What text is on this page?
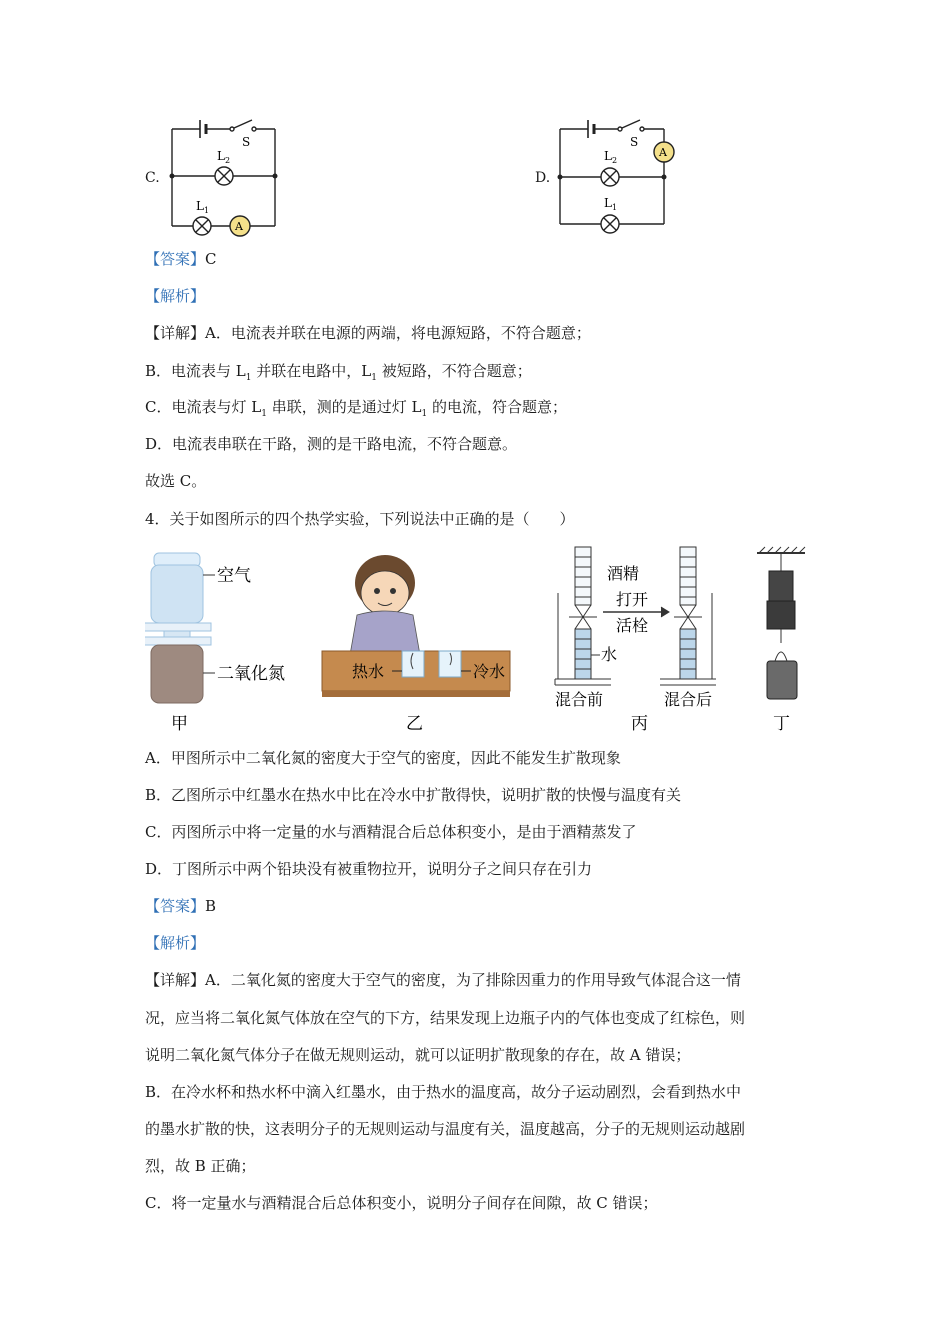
C.
S
L 2
L 1
A
D.
S
L 2
L 1
A
【答案】C
【解析】
【详解】A．电流表并联在电源的两端，将电源短路，不符合题意；
B．电流表与 $L_1$ 并联在电路中，$L_1$ 被短路，不符合题意；
C．电流表与灯 $L_1$ 串联，测的是通过灯 $L_1$ 的电流，符合题意；
D．电流表串联在干路，测的是干路电流，不符合题意。
故选 C。
4．关于如图所示的四个热学实验，下列说法中正确的是（　　）
空气
二氧化氮
甲
热水	冷水
乙
酒精
打开
活栓
水
混合前	混合后
丙	丁
A．甲图所示中二氧化氮的密度大于空气的密度，因此不能发生扩散现象
B．乙图所示中红墨水在热水中比在冷水中扩散得快，说明扩散的快慢与温度有关
C．丙图所示中将一定量的水与酒精混合后总体积变小，是由于酒精蒸发了
D．丁图所示中两个铅块没有被重物拉开，说明分子之间只存在引力
【答案】B
【解析】
【详解】A．二氧化氮的密度大于空气的密度，为了排除因重力的作用导致气体混合这一情
况，应当将二氧化氮气体放在空气的下方，结果发现上边瓶子内的气体也变成了红棕色，则
说明二氧化氮气体分子在做无规则运动，就可以证明扩散现象的存在，故 A 错误；
B．在冷水杯和热水杯中滴入红墨水，由于热水的温度高，故分子运动剧烈，会看到热水中
的墨水扩散的快，这表明分子的无规则运动与温度有关，温度越高，分子的无规则运动越剧
烈，故 B 正确；
C．将一定量水与酒精混合后总体积变小，说明分子间存在间隙，故 C 错误；
